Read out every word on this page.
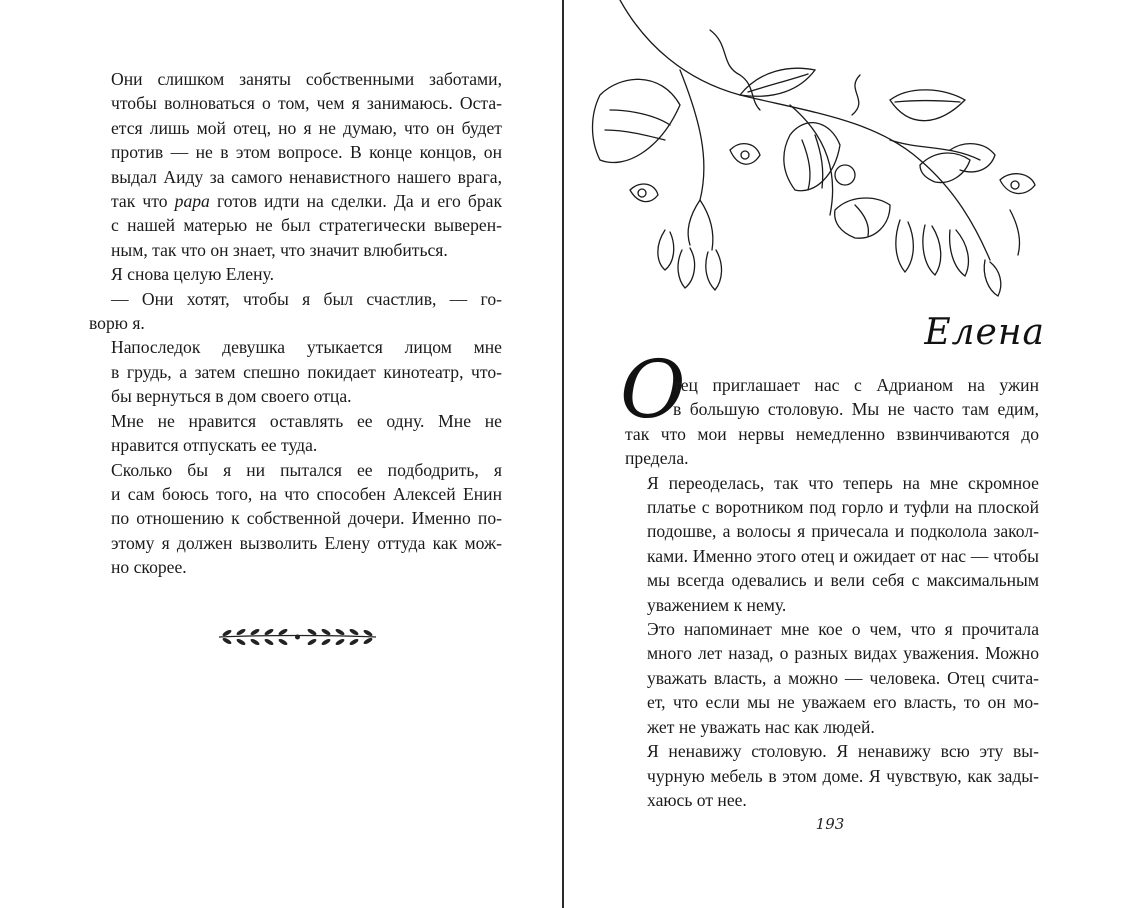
Они слишком заняты собственными заботами,
чтобы волноваться о том, чем я занимаюсь. Оста-
ется лишь мой отец, но я не думаю, что он будет
против — не в этом вопросе. В конце концов, он
выдал Аиду за самого ненавистного нашего врага,
так что papa готов идти на сделки. Да и его брак
с нашей матерью не был стратегически выверен-
ным, так что он знает, что значит влюбиться.

Я снова целую Елену.

— Они хотят, чтобы я был счастлив, — го-
ворю я.

Напоследок девушка утыкается лицом мне
в грудь, а затем спешно покидает кинотеатр, что-
бы вернуться в дом своего отца.

Мне не нравится оставлять ее одну. Мне не
нравится отпускать ее туда.

Сколько бы я ни пытался ее подбодрить, я
и сам боюсь того, на что способен Алексей Енин
по отношению к собственной дочери. Именно по-
этому я должен вызволить Елену оттуда как мож-
но скорее.

Елена
О

тец приглашает нас с Адрианом на ужин
в большую столовую. Мы не часто там едим,
так что мои нервы немедленно взвинчиваются до
предела.

Я переоделась, так что теперь на мне скромное
платье с воротником под горло и туфли на плоской
подошве, а волосы я причесала и подколола закол-
ками. Именно этого отец и ожидает от нас — чтобы
мы всегда одевались и вели себя с максимальным
уважением к нему.

Это напоминает мне кое о чем, что я прочитала
много лет назад, о разных видах уважения. Можно
уважать власть, а можно — человека. Отец счита-
ет, что если мы не уважаем его власть, то он мо-
жет не уважать нас как людей.

Я ненавижу столовую. Я ненавижу всю эту вы-
чурную мебель в этом доме. Я чувствую, как зады-
хаюсь от нее.

193
